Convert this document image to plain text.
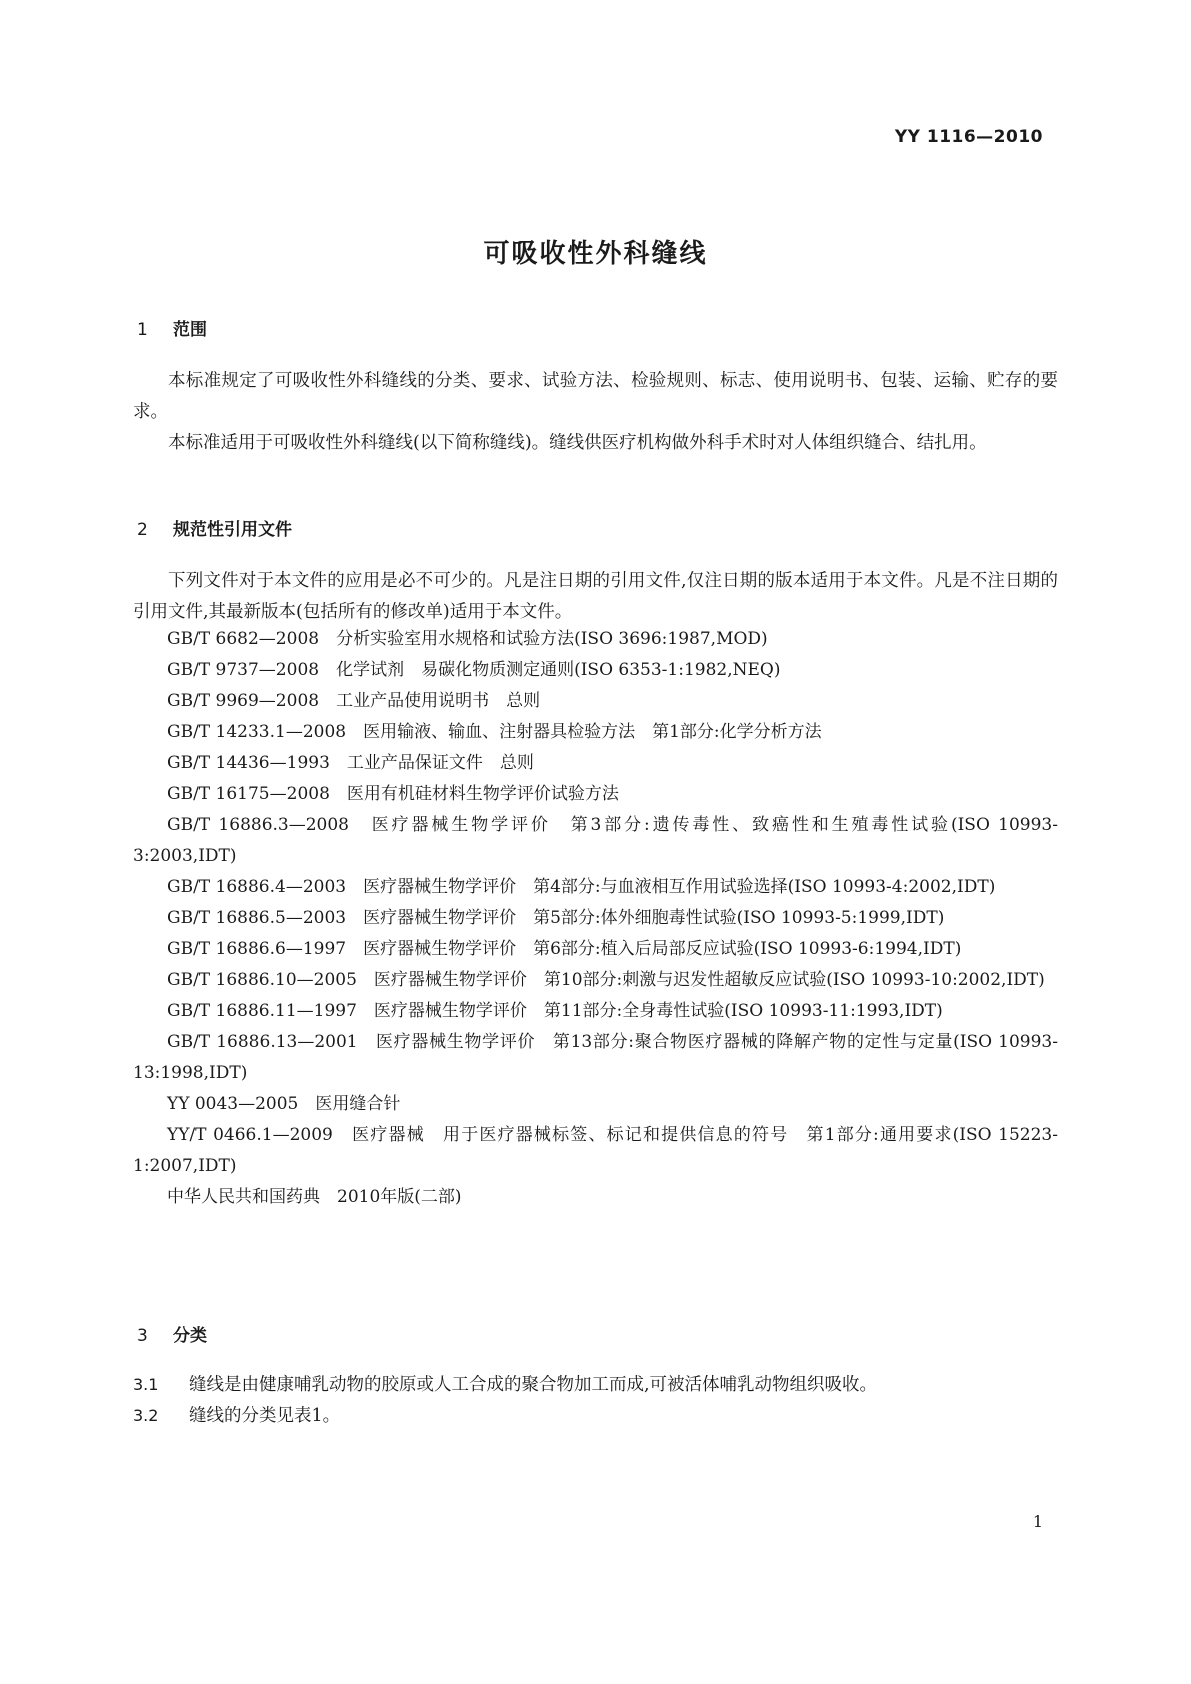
YY 1116—2010
可吸收性外科缝线
1 范围

本标准规定了可吸收性外科缝线的分类、要求、试验方法、检验规则、标志、使用说明书、包装、运输、贮存的要求。

本标准适用于可吸收性外科缝线(以下简称缝线)。缝线供医疗机构做外科手术时对人体组织缝合、结扎用。

2 规范性引用文件

下列文件对于本文件的应用是必不可少的。凡是注日期的引用文件,仅注日期的版本适用于本文件。凡是不注日期的引用文件,其最新版本(包括所有的修改单)适用于本文件。

GB/T 6682—2008　分析实验室用水规格和试验方法(ISO 3696:1987,MOD)

GB/T 9737—2008　化学试剂　易碳化物质测定通则(ISO 6353-1:1982,NEQ)

GB/T 9969—2008　工业产品使用说明书　总则

GB/T 14233.1—2008　医用输液、输血、注射器具检验方法　第1部分:化学分析方法

GB/T 14436—1993　工业产品保证文件　总则

GB/T 16175—2008　医用有机硅材料生物学评价试验方法

GB/T 16886.3—2008　医疗器械生物学评价　第3部分:遗传毒性、致癌性和生殖毒性试验(ISO 10993-3:2003,IDT)

GB/T 16886.4—2003　医疗器械生物学评价　第4部分:与血液相互作用试验选择(ISO 10993-4:2002,IDT)

GB/T 16886.5—2003　医疗器械生物学评价　第5部分:体外细胞毒性试验(ISO 10993-5:1999,IDT)

GB/T 16886.6—1997　医疗器械生物学评价　第6部分:植入后局部反应试验(ISO 10993-6:1994,IDT)

GB/T 16886.10—2005　医疗器械生物学评价　第10部分:刺激与迟发性超敏反应试验(ISO 10993-10:2002,IDT)

GB/T 16886.11—1997　医疗器械生物学评价　第11部分:全身毒性试验(ISO 10993-11:1993,IDT)

GB/T 16886.13—2001　医疗器械生物学评价　第13部分:聚合物医疗器械的降解产物的定性与定量(ISO 10993-13:1998,IDT)

YY 0043—2005　医用缝合针

YY/T 0466.1—2009　医疗器械　用于医疗器械标签、标记和提供信息的符号　第1部分:通用要求(ISO 15223-1:2007,IDT)

中华人民共和国药典　2010年版(二部)

3 分类
3.1 缝线是由健康哺乳动物的胶原或人工合成的聚合物加工而成,可被活体哺乳动物组织吸收。
3.2 缝线的分类见表1。
1
